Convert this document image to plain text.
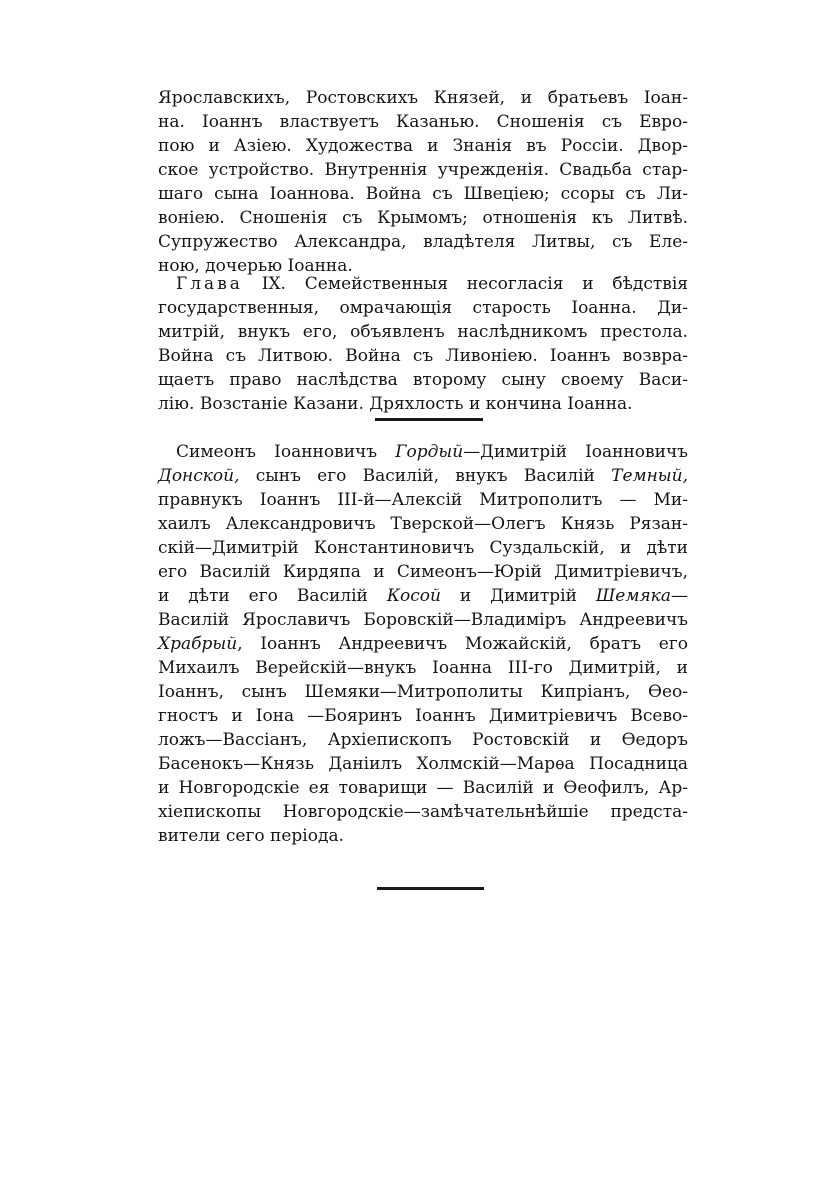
Ярославскихъ, Ростовскихъ Князей, и братьевъ Іоан-
на. Іоаннъ властвуетъ Казанью. Сношенія съ Евро-
пою и Азіею. Художества и Знанія въ Россіи. Двор-
ское устройство. Внутреннія учрежденія. Свадьба стар-
шаго сына Іоаннова. Война съ Швеціею; ссоры съ Ли-
воніею. Сношенія съ Крымомъ; отношенія къ Литвѣ.
Супружество Александра, владѣтеля Литвы, съ Еле-
ною, дочерью Іоанна.
Глава IX. Семейственныя несогласія и бѣдствія
государственныя, омрачающія старость Іоанна. Ди-
митрій, внукъ его, объявленъ наслѣдникомъ престола.
Война съ Литвою. Война съ Ливоніею. Іоаннъ возвра-
щаетъ право наслѣдства второму сыну своему Васи-
лію. Возстаніе Казани. Дряхлость и кончина Іоанна.
Симеонъ Іоанновичъ Гордый—Димитрій Іоанновичъ
Донской, сынъ его Василій, внукъ Василій Темный,
правнукъ Іоаннъ III-й—Алексій Митрополитъ — Ми-
хаилъ Александровичъ Тверской—Олегъ Князь Рязан-
скій—Димитрій Константиновичъ Суздальскій, и дѣти
его Василій Кирдяпа и Симеонъ—Юрій Димитріевичъ,
и дѣти его Василій Косой и Димитрій Шемяка—
Василій Ярославичъ Боровскій—Владиміръ Андреевичъ
Храбрый, Іоаннъ Андреевичъ Можайскій, братъ его
Михаилъ Верейскій—внукъ Іоанна III-го Димитрій, и
Іоаннъ, сынъ Шемяки—Митрополиты Кипріанъ, Ѳео-
гностъ и Іона —Бояринъ Іоаннъ Димитріевичъ Всево-
ложъ—Вассіанъ, Архіепископъ Ростовскій и Ѳедоръ
Басенокъ—Князь Даніилъ Холмскій—Марѳа Посадница
и Новгородскіе ея товарищи — Василій и Ѳеофилъ, Ар-
хіепископы Новгородскіе—замѣчательнѣйшіе предста-
вители сего періода.
